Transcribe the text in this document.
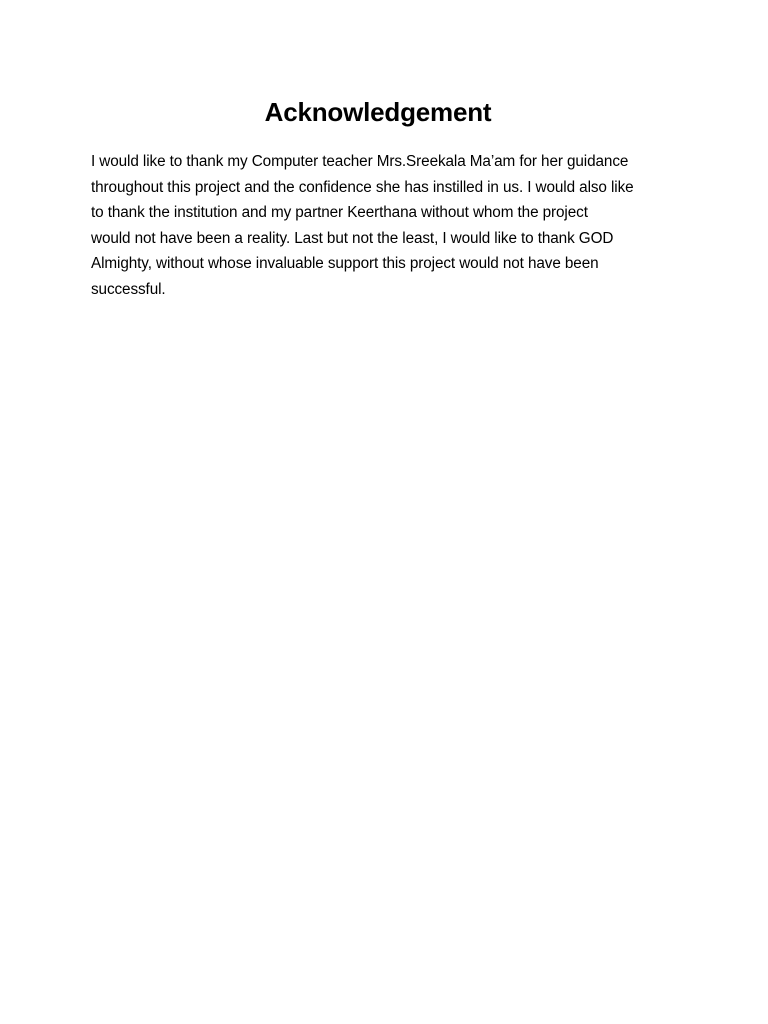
Acknowledgement

I would like to thank my Computer teacher Mrs.Sreekala Ma’am for her guidance
throughout this project and the confidence she has instilled in us. I would also like
to thank the institution and my partner Keerthana without whom the project
would not have been a reality. Last but not the least, I would like to thank GOD
Almighty, without whose invaluable support this project would not have been
successful.
